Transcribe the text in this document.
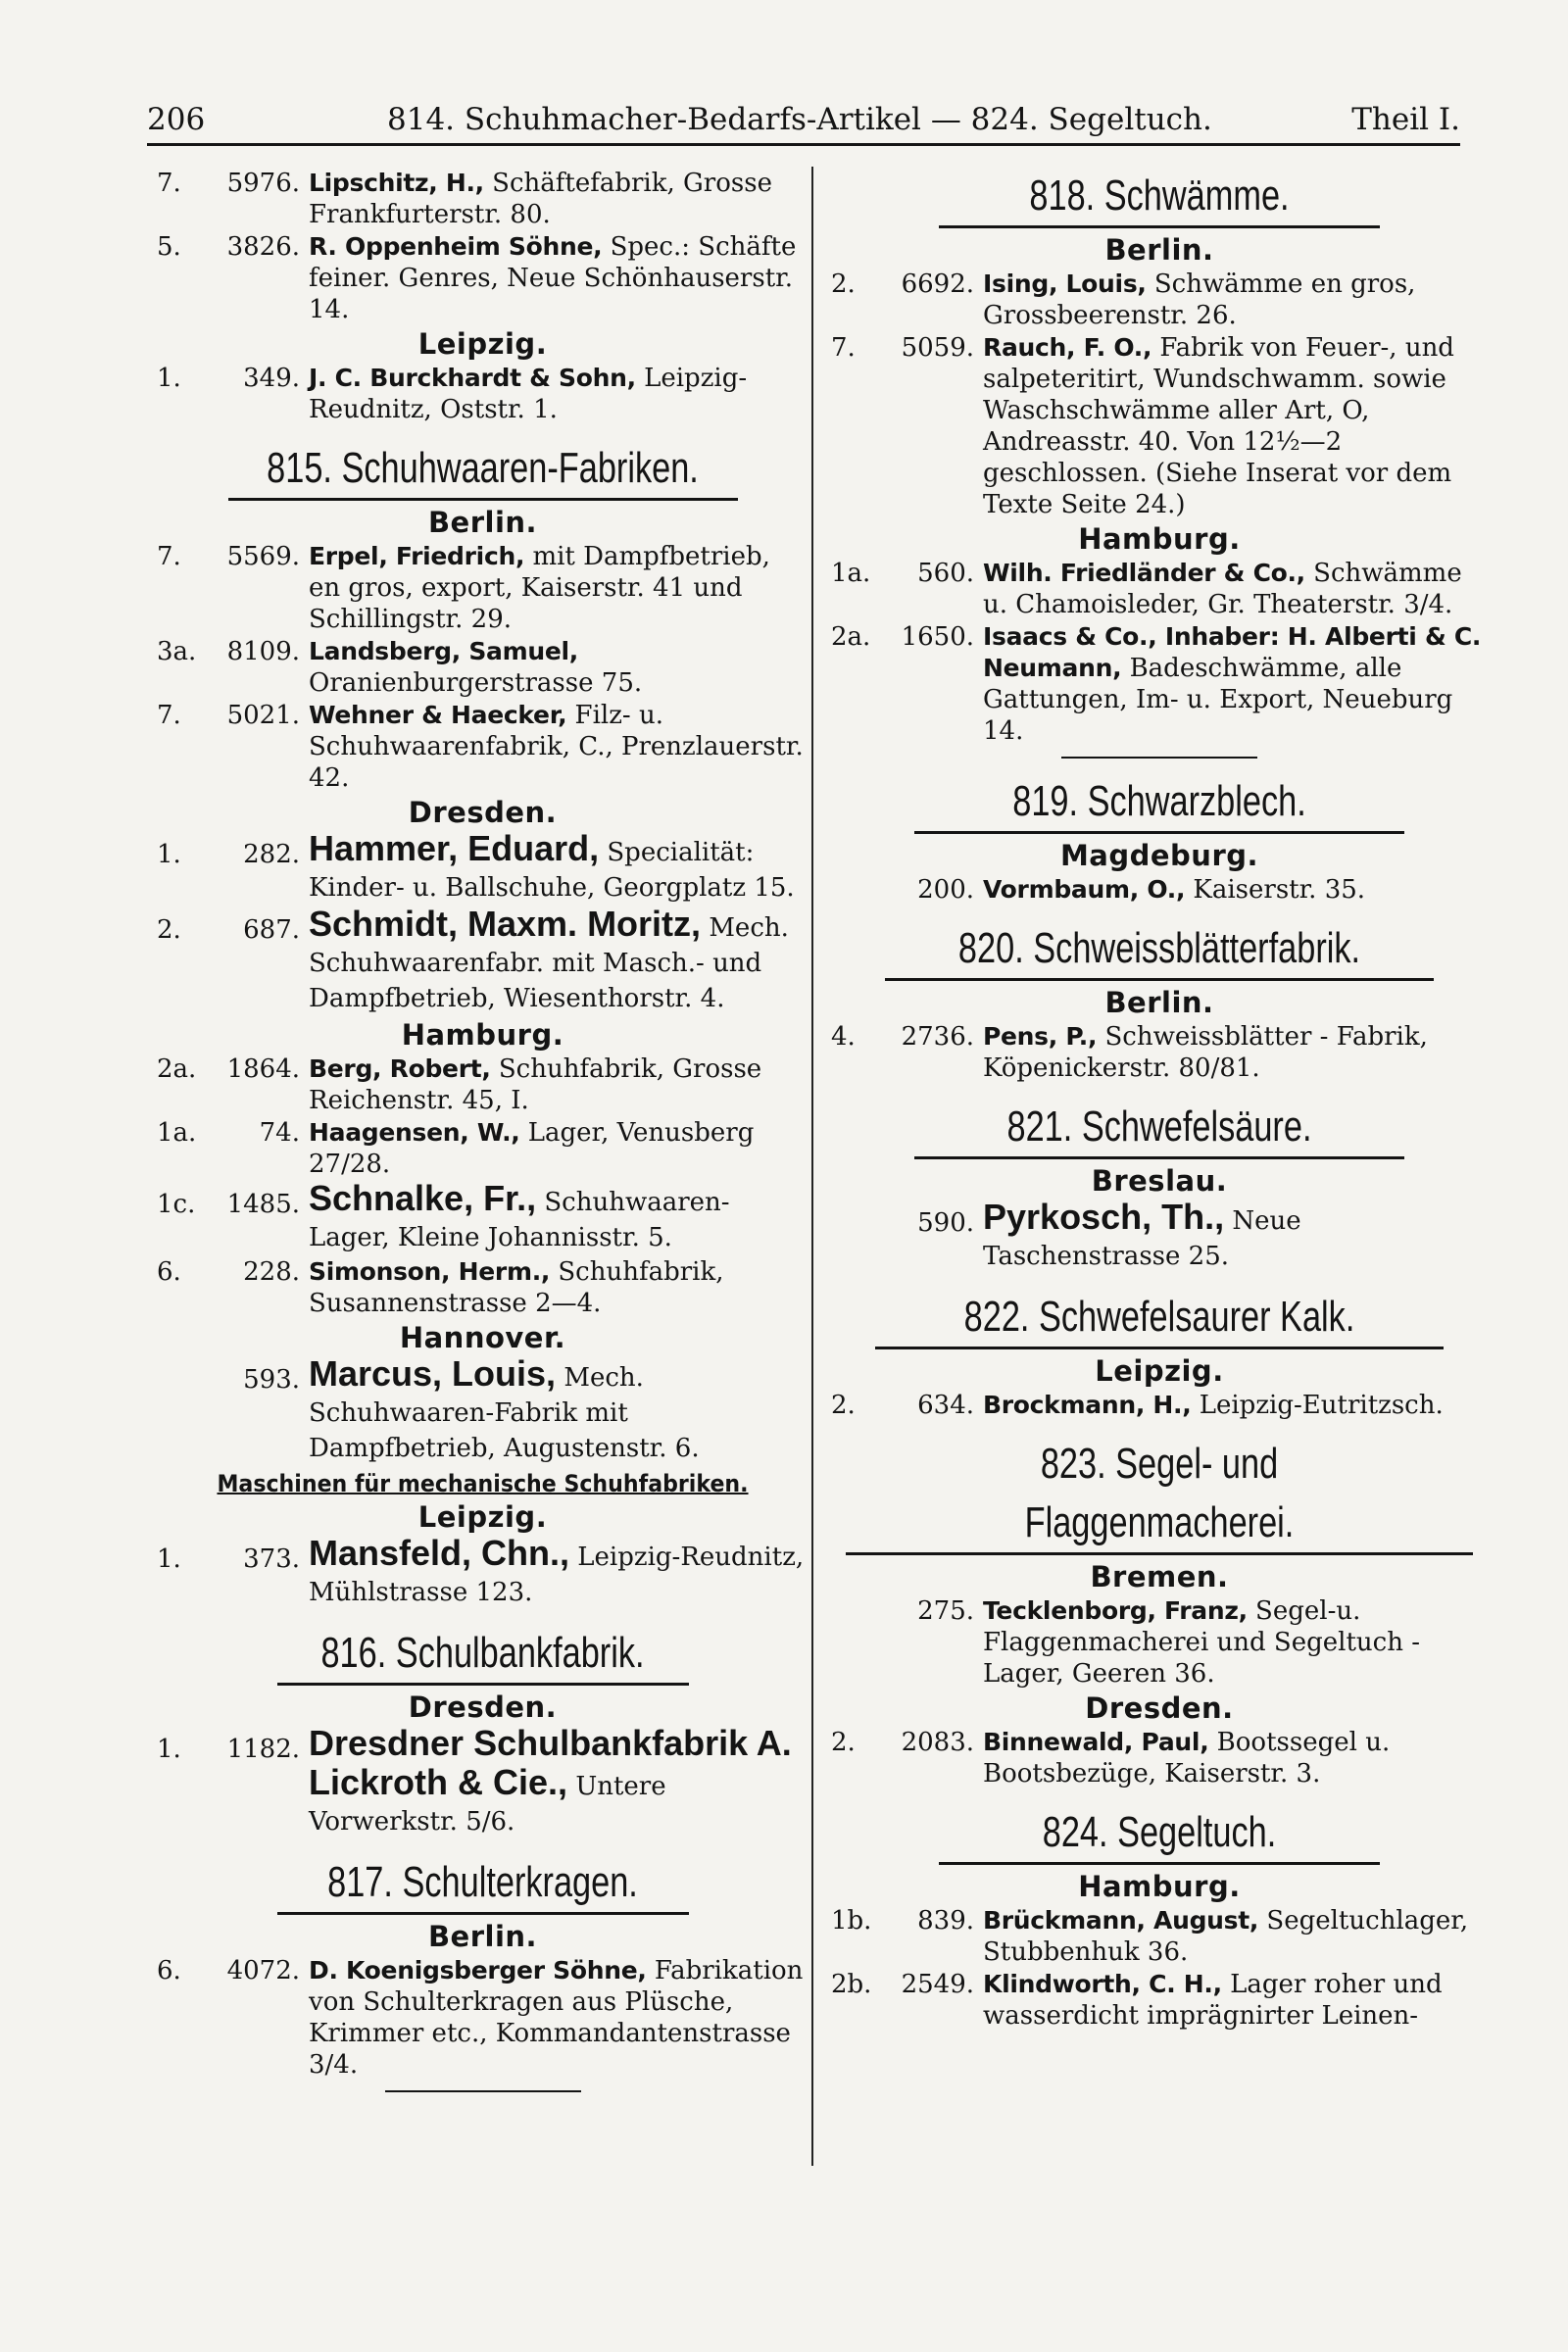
206	814. Schuhmacher-Bedarfs-Artikel — 824. Segeltuch.	Theil I.
7. 5976. Lipschitz, H., Schäftefabrik, Grosse Frankfurterstr. 80.
5. 3826. R. Oppenheim Söhne, Spec.: Schäfte feiner. Genres, Neue Schönhauserstr. 14.
Leipzig.
1. 349. J. C. Burckhardt & Sohn, Leipzig-Reudnitz, Oststr. 1.
815. Schuhwaaren-Fabriken.
Berlin.
7. 5569. Erpel, Friedrich, mit Dampfbetrieb, en gros, export, Kaiserstr. 41 und Schillingstr. 29.
3a. 8109. Landsberg, Samuel, Oranienburgerstrasse 75.
7. 5021. Wehner & Haecker, Filz- u. Schuhwaarenfabrik, C., Prenzlauerstr. 42.
Dresden.
1. 282. Hammer, Eduard, Specialität: Kinder- u. Ballschuhe, Georgplatz 15.
2. 687. Schmidt, Maxm. Moritz, Mech. Schuhwaarenfabr. mit Masch.- und Dampfbetrieb, Wiesenthorstr. 4.
Hamburg.
2a. 1864. Berg, Robert, Schuhfabrik, Grosse Reichenstr. 45, I.
1a. 74. Haagensen, W., Lager, Venusberg 27/28.
1c. 1485. Schnalke, Fr., Schuhwaaren-Lager, Kleine Johannisstr. 5.
6. 228. Simonson, Herm., Schuhfabrik, Susannenstrasse 2—4.
Hannover.
593. Marcus, Louis, Mech. Schuhwaaren-Fabrik mit Dampfbetrieb, Augustenstr. 6.
Maschinen für mechanische Schuhfabriken.
Leipzig.
1. 373. Mansfeld, Chn., Leipzig-Reudnitz, Mühlstrasse 123.
816. Schulbankfabrik.
Dresden.
1. 1182. Dresdner Schulbankfabrik A. Lickroth & Cie., Untere Vorwerkstr. 5/6.
817. Schulterkragen.
Berlin.
6. 4072. D. Koenigsberger Söhne, Fabrikation von Schulterkragen aus Plüsche, Krimmer etc., Kommandantenstrasse 3/4.
818. Schwämme.
Berlin.
2. 6692. Ising, Louis, Schwämme en gros, Grossbeerenstr. 26.
7. 5059. Rauch, F. O., Fabrik von Feuer-, und salpeteritirt, Wundschwamm. sowie Waschschwämme aller Art, O, Andreasstr. 40. Von 12½—2 geschlossen. (Siehe Inserat vor dem Texte Seite 24.)
Hamburg.
1a. 560. Wilh. Friedländer & Co., Schwämme u. Chamoisleder, Gr. Theaterstr. 3/4.
2a. 1650. Isaacs & Co., Inhaber: H. Alberti & C. Neumann, Badeschwämme, alle Gattungen, Im- u. Export, Neueburg 14.
819. Schwarzblech.
Magdeburg.
200. Vormbaum, O., Kaiserstr. 35.
820. Schweissblätterfabrik.
Berlin.
4. 2736. Pens, P., Schweissblätter - Fabrik, Köpenickerstr. 80/81.
821. Schwefelsäure.
Breslau.
590. Pyrkosch, Th., Neue Taschenstrasse 25.
822. Schwefelsaurer Kalk.
Leipzig.
2. 634. Brockmann, H., Leipzig-Eutritzsch.
823. Segel- und Flaggenmacherei.
Bremen.
275. Tecklenborg, Franz, Segel-u. Flaggenmacherei und Segeltuch - Lager, Geeren 36.
Dresden.
2. 2083. Binnewald, Paul, Bootssegel u. Bootsbezüge, Kaiserstr. 3.
824. Segeltuch.
Hamburg.
1b. 839. Brückmann, August, Segeltuchlager, Stubbenhuk 36.
2b. 2549. Klindworth, C. H., Lager roher und wasserdicht imprägnirter Leinen-
